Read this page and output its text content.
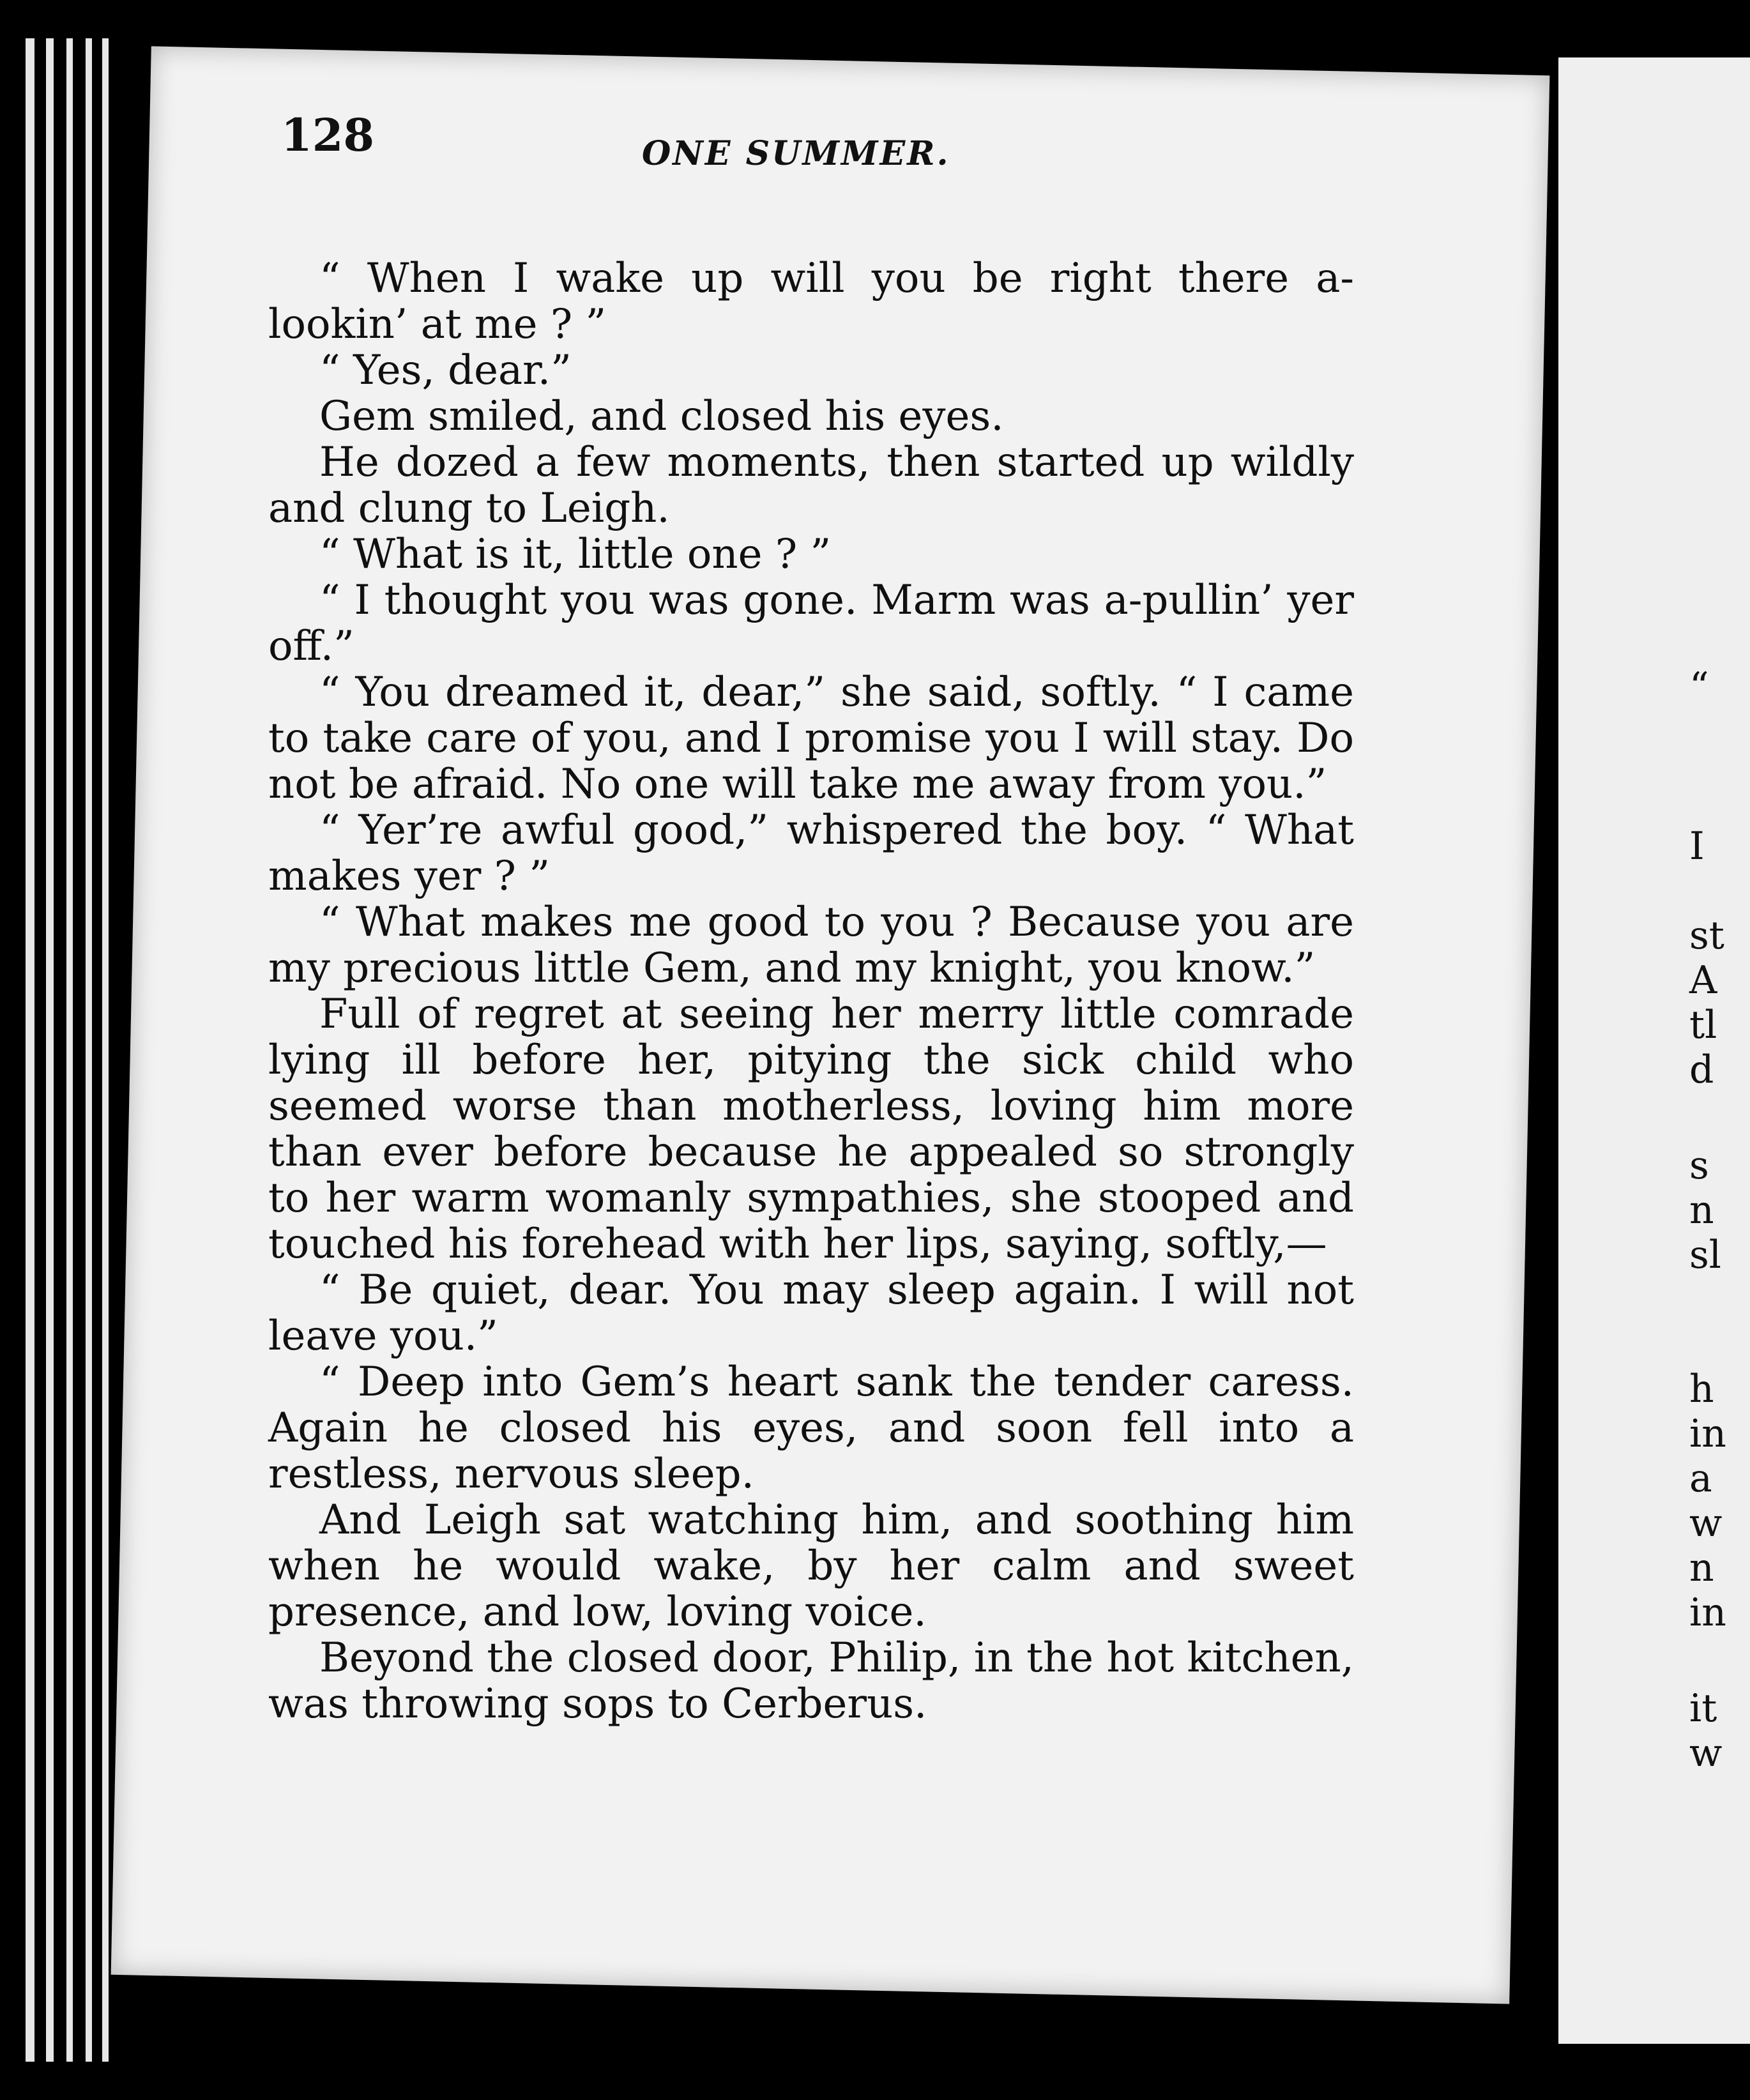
128	ONE SUMMER.

“ When I wake up will you be right there a-lookin’ at me ? ”

“ Yes, dear.”

Gem smiled, and closed his eyes.

He dozed a few moments, then started up wildly and clung to Leigh.

“ What is it, little one ? ”

“ I thought you was gone. Marm was a-pullin’ yer off.”

“ You dreamed it, dear,” she said, softly. “ I came to take care of you, and I promise you I will stay. Do not be afraid. No one will take me away from you.”

“ Yer’re awful good,” whispered the boy. “ What makes yer ? ”

“ What makes me good to you ? Because you are my precious little Gem, and my knight, you know.”

Full of regret at seeing her merry little comrade lying ill before her, pitying the sick child who seemed worse than motherless, loving him more than ever before because he appealed so strongly to her warm womanly sympathies, she stooped and touched his forehead with her lips, saying, softly,—

“ Be quiet, dear. You may sleep again. I will not leave you.”

“ Deep into Gem’s heart sank the tender caress. Again he closed his eyes, and soon fell into a restless, nervous sleep.

And Leigh sat watching him, and soothing him when he would wake, by her calm and sweet presence, and low, loving voice.

Beyond the closed door, Philip, in the hot kitchen, was throwing sops to Cerberus.

“
I
st
A
tl
d
s
n
sl
h
in
a
w
n
in
it
w
